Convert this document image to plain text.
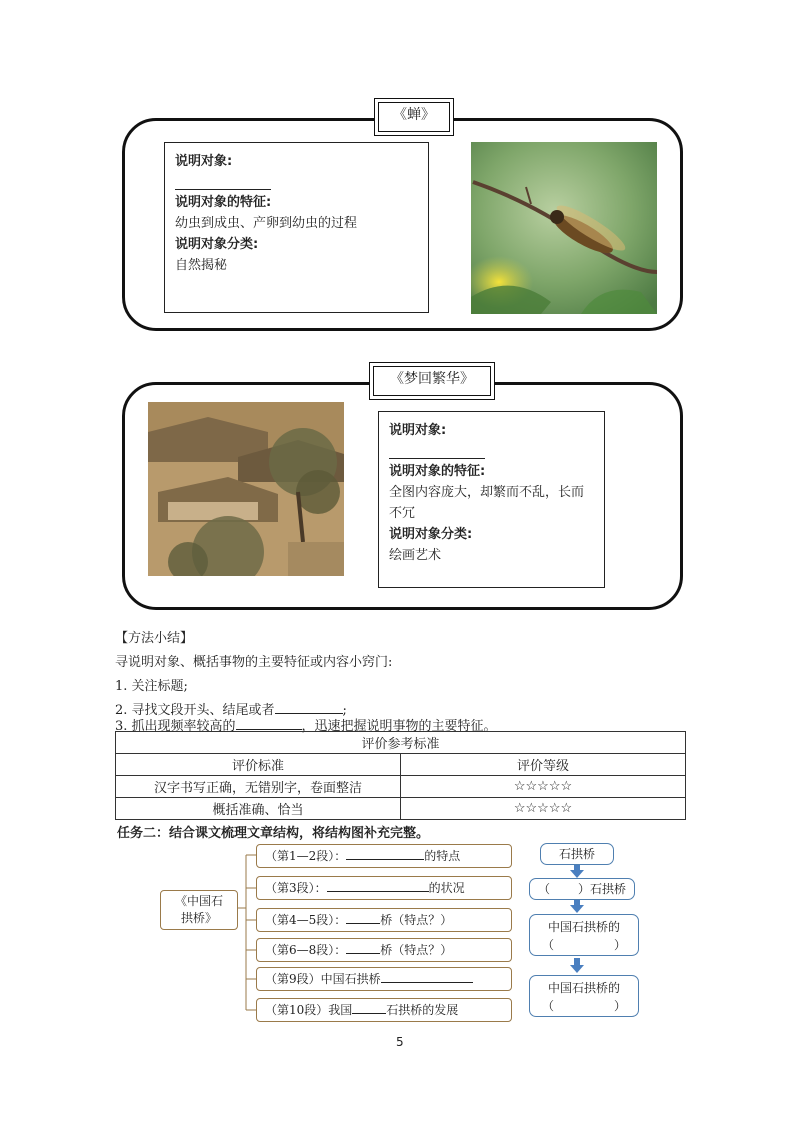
《蝉》
说明对象:
说明对象的特征:
幼虫到成虫、产卵到幼虫的过程
说明对象分类:
自然揭秘
《梦回繁华》
说明对象:
说明对象的特征:
全图内容庞大，却繁而不乱，长而
不冗
说明对象分类:
绘画艺术
【方法小结】
寻说明对象、概括事物的主要特征或内容小窍门:
1. 关注标题;
2. 寻找文段开头、结尾或者	;
3. 抓出现频率较高的	，迅速把握说明事物的主要特征。
评价参考标准	
评价标准	评价等级
汉字书写正确，无错别字，卷面整洁	☆☆☆☆☆
概括准确、恰当	☆☆☆☆☆
任务二：结合课文梳理文章结构，将结构图补充完整。
《中国石
拱桥》
（第1—2段）：	的特点
（第3段）：	的状况
（第4—5段）：	桥（特点？）
（第6—8段）：	桥（特点？）
（第9段）中国石拱桥
（第10段）我国	石拱桥的发展
石拱桥
（ ）石拱桥
中国石拱桥的
（　　　　　）
中国石拱桥的
（　　　　　）
5
